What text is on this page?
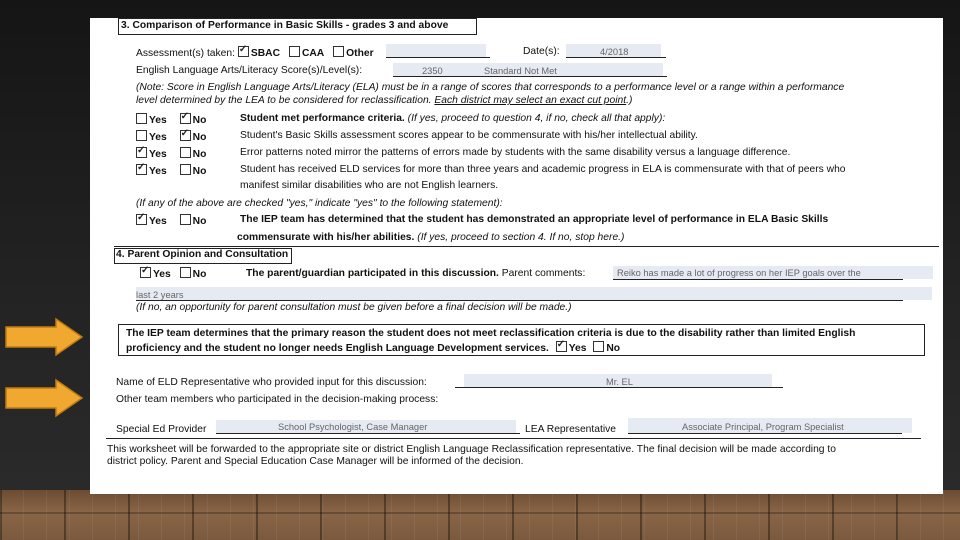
3. Comparison of Performance in Basic Skills - grades 3 and above
Assessment(s) taken: ✓ SBAC CAA Other	Date(s):	4/2018
English Language Arts/Literacy Score(s)/Level(s):	2350	Standard Not Met
(Note: Score in English Language Arts/Literacy (ELA) must be in a range of scores that corresponds to a performance level or a range within a performance
level determined by the LEA to be considered for reclassification. Each district may select an exact cut point.)
Yes ✓	No	Student met performance criteria. (If yes, proceed to question 4, if no, check all that apply):
Yes ✓	No	Student's Basic Skills assessment scores appear to be commensurate with his/her intellectual ability.
✓Yes	No	Error patterns noted mirror the patterns of errors made by students with the same disability versus a language difference.
✓Yes	No	Student has received ELD services for more than three years and academic progress in ELA is commensurate with that of peers who
manifest similar disabilities who are not English learners.
(If any of the above are checked "yes," indicate "yes" to the following statement):
✓Yes	No	The IEP team has determined that the student has demonstrated an appropriate level of performance in ELA Basic Skills
commensurate with his/her abilities. (If yes, proceed to section 4. If no, stop here.)
4. Parent Opinion and Consultation
✓Yes No	The parent/guardian participated in this discussion. Parent comments:	Reiko has made a lot of progress on her IEP goals over the
last 2 years
(If no, an opportunity for parent consultation must be given before a final decision will be made.)
The IEP team determines that the primary reason the student does not meet reclassification criteria is due to the disability rather than limited English
proficiency and the student no longer needs English Language Development services. ✓ Yes No
Name of ELD Representative who provided input for this discussion:	Mr. EL
Other team members who participated in the decision-making process:
Special Ed Provider	School Psychologist, Case Manager	LEA Representative	Associate Principal, Program Specialist
This worksheet will be forwarded to the appropriate site or district English Language Reclassification representative. The final decision will be made according to
district policy. Parent and Special Education Case Manager will be informed of the decision.
